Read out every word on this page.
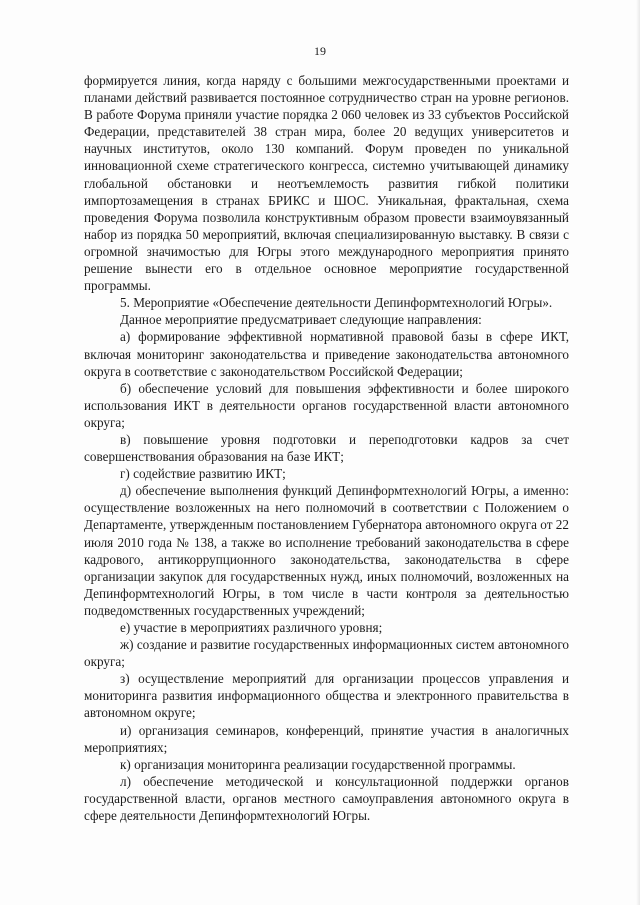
19

формируется линия, когда наряду с большими межгосударственными проектами и планами действий развивается постоянное сотрудничество стран на уровне регионов. В работе Форума приняли участие порядка 2 060 человек из 33 субъектов Российской Федерации, представителей 38 стран мира, более 20 ведущих университетов и научных институтов, около 130 компаний. Форум проведен по уникальной инновационной схеме стратегического конгресса, системно учитывающей динамику глобальной обстановки и неотъемлемость развития гибкой политики импортозамещения в странах БРИКС и ШОС. Уникальная, фрактальная, схема проведения Форума позволила конструктивным образом провести взаимоувязанный набор из порядка 50 мероприятий, включая специализированную выставку. В связи с огромной значимостью для Югры этого международного мероприятия принято решение вынести его в отдельное основное мероприятие государственной программы.

5. Мероприятие «Обеспечение деятельности Депинформтехнологий Югры».

Данное мероприятие предусматривает следующие направления:

а) формирование эффективной нормативной правовой базы в сфере ИКТ, включая мониторинг законодательства и приведение законодательства автономного округа в соответствие с законодательством Российской Федерации;

б) обеспечение условий для повышения эффективности и более широкого использования ИКТ в деятельности органов государственной власти автономного округа;

в) повышение уровня подготовки и переподготовки кадров за счет совершенствования образования на базе ИКТ;

г) содействие развитию ИКТ;

д) обеспечение выполнения функций Депинформтехнологий Югры, а именно: осуществление возложенных на него полномочий в соответствии с Положением о Департаменте, утвержденным постановлением Губернатора автономного округа от 22 июля 2010 года № 138, а также во исполнение требований законодательства в сфере кадрового, антикоррупционного законодательства, законодательства в сфере организации закупок для государственных нужд, иных полномочий, возложенных на Депинформтехнологий Югры, в том числе в части контроля за деятельностью подведомственных государственных учреждений;

е) участие в мероприятиях различного уровня;

ж) создание и развитие государственных информационных систем автономного округа;

з) осуществление мероприятий для организации процессов управления и мониторинга развития информационного общества и электронного правительства в автономном округе;

и) организация семинаров, конференций, принятие участия в аналогичных мероприятиях;

к) организация мониторинга реализации государственной программы.

л) обеспечение методической и консультационной поддержки органов государственной власти, органов местного самоуправления автономного округа в сфере деятельности Депинформтехнологий Югры.
